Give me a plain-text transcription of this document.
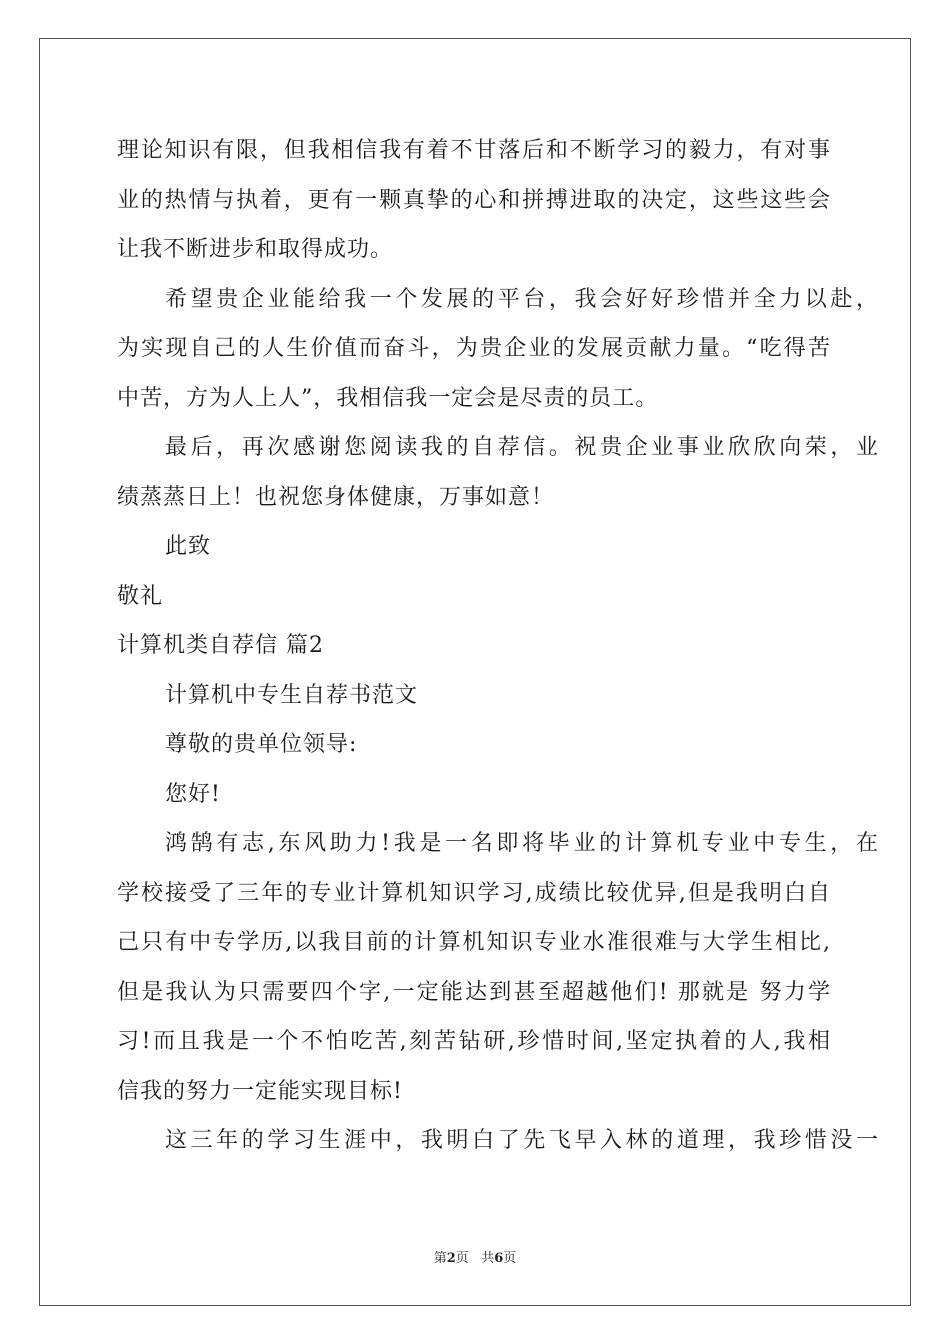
理论知识有限，但我相信我有着不甘落后和不断学习的毅力，有对事
业的热情与执着，更有一颗真挚的心和拼搏进取的决定，这些这些会
让我不断进步和取得成功。
希望贵企业能给我一个发展的平台，我会好好珍惜并全力以赴，
为实现自己的人生价值而奋斗，为贵企业的发展贡献力量。“吃得苦
中苦，方为人上人”，我相信我一定会是尽责的员工。
最后，再次感谢您阅读我的自荐信。祝贵企业事业欣欣向荣，业
绩蒸蒸日上！也祝您身体健康，万事如意！
此致
敬礼
计算机类自荐信 篇2
计算机中专生自荐书范文
尊敬的贵单位领导:
您好!
鸿鹄有志,东风助力!我是一名即将毕业的计算机专业中专生，在
学校接受了三年的专业计算机知识学习,成绩比较优异,但是我明白自
己只有中专学历,以我目前的计算机知识专业水准很难与大学生相比,
但是我认为只需要四个字,一定能达到甚至超越他们! 那就是 努力学
习!而且我是一个不怕吃苦,刻苦钻研,珍惜时间,坚定执着的人,我相
信我的努力一定能实现目标!
这三年的学习生涯中，我明白了先飞早入林的道理，我珍惜没一
第2页 共6页
